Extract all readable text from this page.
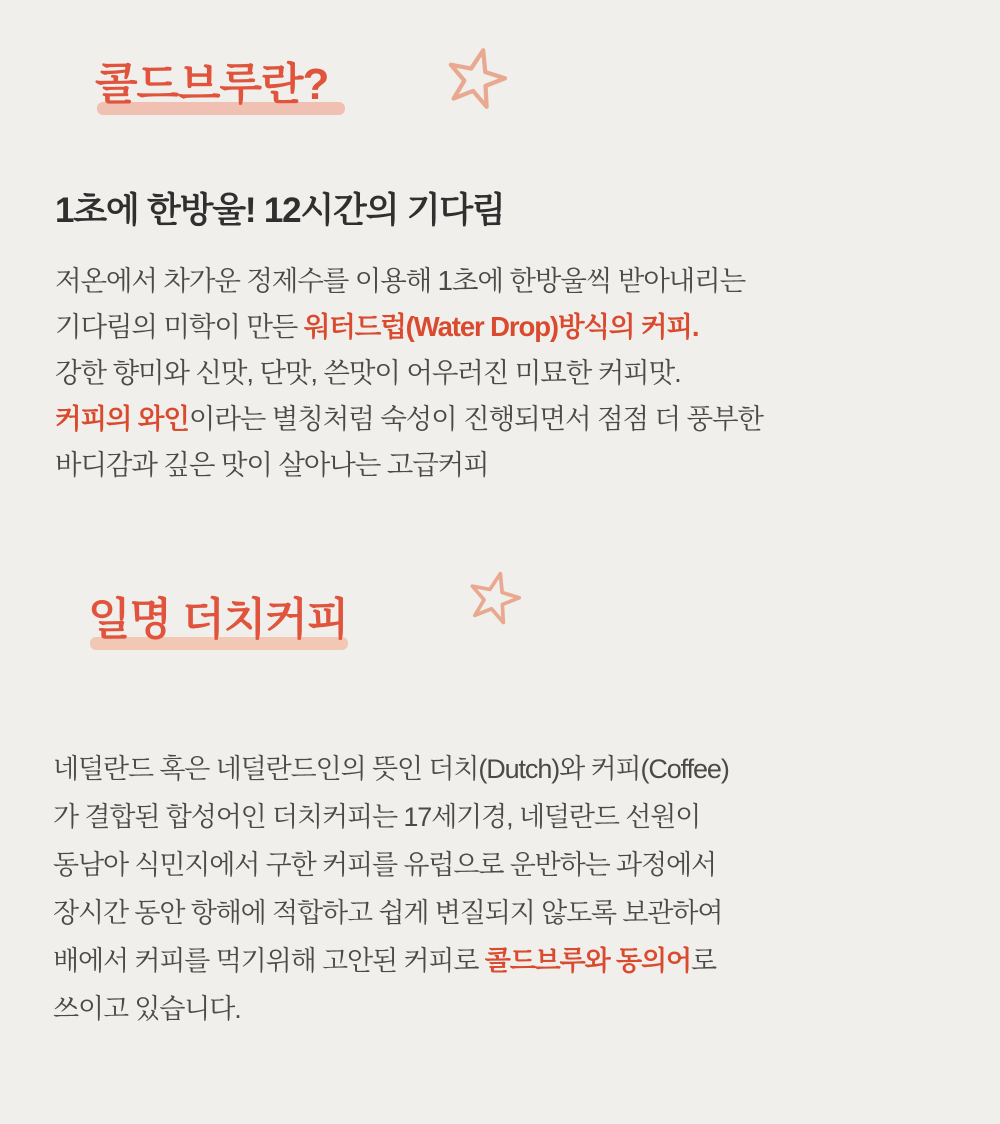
콜드브루란?
1초에 한방울! 12시간의 기다림
저온에서 차가운 정제수를 이용해 1초에 한방울씩 받아내리는
기다림의 미학이 만든 워터드럽(Water Drop)방식의 커피.
강한 향미와 신맛, 단맛, 쓴맛이 어우러진 미묘한 커피맛.
커피의 와인이라는 별칭처럼 숙성이 진행되면서 점점 더 풍부한
바디감과 깊은 맛이 살아나는 고급커피
일명 더치커피
네덜란드 혹은 네덜란드인의 뜻인 더치(Dutch)와 커피(Coffee)
가 결합된 합성어인 더치커피는 17세기경, 네덜란드 선원이
동남아 식민지에서 구한 커피를 유럽으로 운반하는 과정에서
장시간 동안 항해에 적합하고 쉽게 변질되지 않도록 보관하여
배에서 커피를 먹기위해 고안된 커피로 콜드브루와 동의어로
쓰이고 있습니다.
